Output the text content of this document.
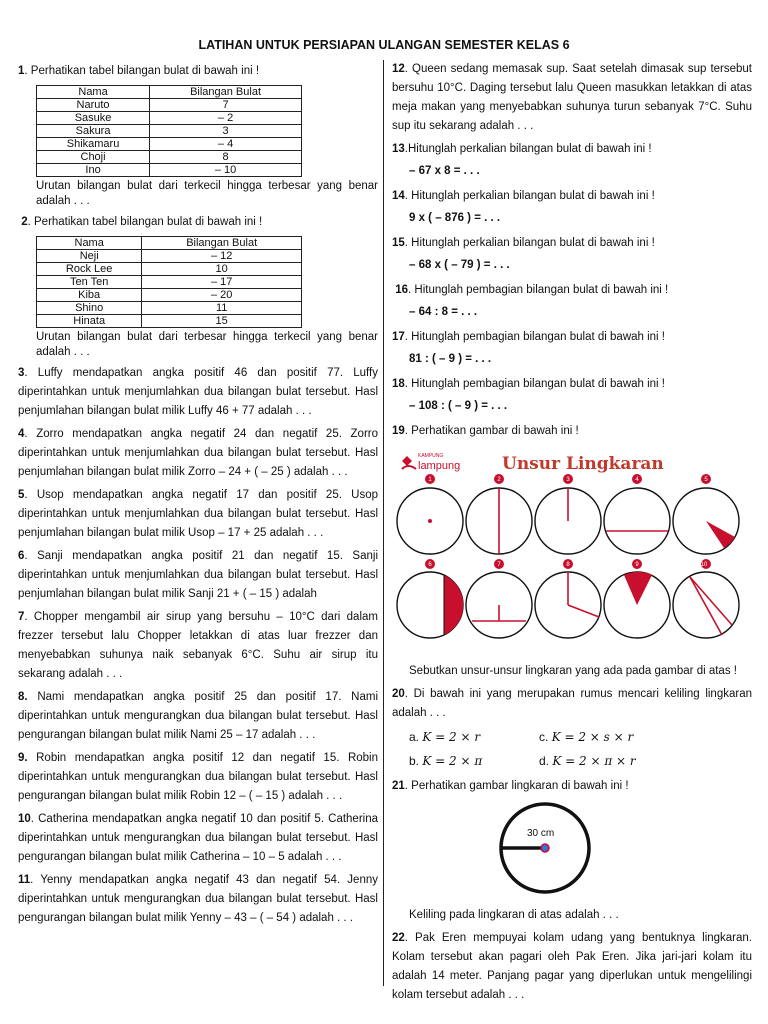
LATIHAN UNTUK PERSIAPAN ULANGAN SEMESTER KELAS 6
1. Perhatikan tabel bilangan bulat di bawah ini !
Nama	Bilangan Bulat
Naruto	7
Sasuke	– 2
Sakura	3
Shikamaru	– 4
Choji	8
Ino	– 10
Urutan bilangan bulat dari terkecil hingga terbesar yang benar adalah . . .
2. Perhatikan tabel bilangan bulat di bawah ini !
Nama	Bilangan Bulat
Neji	– 12
Rock Lee	10
Ten Ten	– 17
Kiba	– 20
Shino	11
Hinata	15
Urutan bilangan bulat dari terbesar hingga terkecil yang benar adalah . . .
3. Luffy mendapatkan angka positif 46 dan positif 77. Luffy diperintahkan untuk menjumlahkan dua bilangan bulat tersebut. Hasl penjumlahan bilangan bulat milik Luffy 46 + 77 adalah . . .
4. Zorro mendapatkan angka negatif 24 dan negatif 25. Zorro diperintahkan untuk menjumlahkan dua bilangan bulat tersebut. Hasl penjumlahan bilangan bulat milik Zorro – 24 + ( – 25 ) adalah . . .
5. Usop mendapatkan angka negatif 17 dan positif 25. Usop diperintahkan untuk menjumlahkan dua bilangan bulat tersebut. Hasl penjumlahan bilangan bulat milik Usop – 17 + 25 adalah . . .
6. Sanji mendapatkan angka positif 21 dan negatif 15. Sanji diperintahkan untuk menjumlahkan dua bilangan bulat tersebut. Hasl penjumlahan bilangan bulat milik Sanji 21 + ( – 15 ) adalah
7. Chopper mengambil air sirup yang bersuhu – 10°C dari dalam frezzer tersebut lalu Chopper letakkan di atas luar frezzer dan menyebabkan suhunya naik sebanyak 6°C. Suhu air sirup itu sekarang adalah . . .
8. Nami mendapatkan angka positif 25 dan positif 17. Nami diperintahkan untuk mengurangkan dua bilangan bulat tersebut. Hasl pengurangan bilangan bulat milik Nami 25 – 17 adalah . . .
9. Robin mendapatkan angka positif 12 dan negatif 15. Robin diperintahkan untuk mengurangkan dua bilangan bulat tersebut. Hasl pengurangan bilangan bulat milik Robin 12 – ( – 15 ) adalah . . .
10. Catherina mendapatkan angka negatif 10 dan positif 5. Catherina diperintahkan untuk mengurangkan dua bilangan bulat tersebut. Hasl pengurangan bilangan bulat milik Catherina – 10 – 5 adalah . . .
11. Yenny mendapatkan angka negatif 43 dan negatif 54. Jenny diperintahkan untuk mengurangkan dua bilangan bulat tersebut. Hasl pengurangan bilangan bulat milik Yenny – 43 – ( – 54 ) adalah . . .
12. Queen sedang memasak sup. Saat setelah dimasak sup tersebut bersuhu 10°C. Daging tersebut lalu Queen masukkan letakkan di atas meja makan yang menyebabkan suhunya turun sebanyak 7°C. Suhu sup itu sekarang adalah . . .
13.Hitunglah perkalian bilangan bulat di bawah ini !
– 67 x 8 = . . .
14. Hitunglah perkalian bilangan bulat di bawah ini !
9 x ( – 876 ) = . . .
15. Hitunglah perkalian bilangan bulat di bawah ini !
– 68 x ( – 79 ) = . . .
16. Hitunglah pembagian bilangan bulat di bawah ini !
– 64 : 8 = . . .
17. Hitunglah pembagian bilangan bulat di bawah ini !
81 : ( – 9 ) = . . .
18. Hitunglah pembagian bilangan bulat di bawah ini !
– 108 : ( – 9 ) = . . .
19. Perhatikan gambar di bawah ini !
KAMPUNG
lampung Unsur Lingkaran
1	2	3	4	5
6	7	8	9	10
Sebutkan unsur-unsur lingkaran yang ada pada gambar di atas !
20. Di bawah ini yang merupakan rumus mencari keliling lingkaran adalah . . .
a. K = 2 × r	c. K = 2 × s × r
b. K = 2 × π	d. K = 2 × π × r
21. Perhatikan gambar lingkaran di bawah ini !
30 cm
Keliling pada lingkaran di atas adalah . . .
22. Pak Eren mempuyai kolam udang yang bentuknya lingkaran. Kolam tersebut akan pagari oleh Pak Eren. Jika jari-jari kolam itu adalah 14 meter. Panjang pagar yang diperlukan untuk mengelilingi kolam tersebut adalah . . .
